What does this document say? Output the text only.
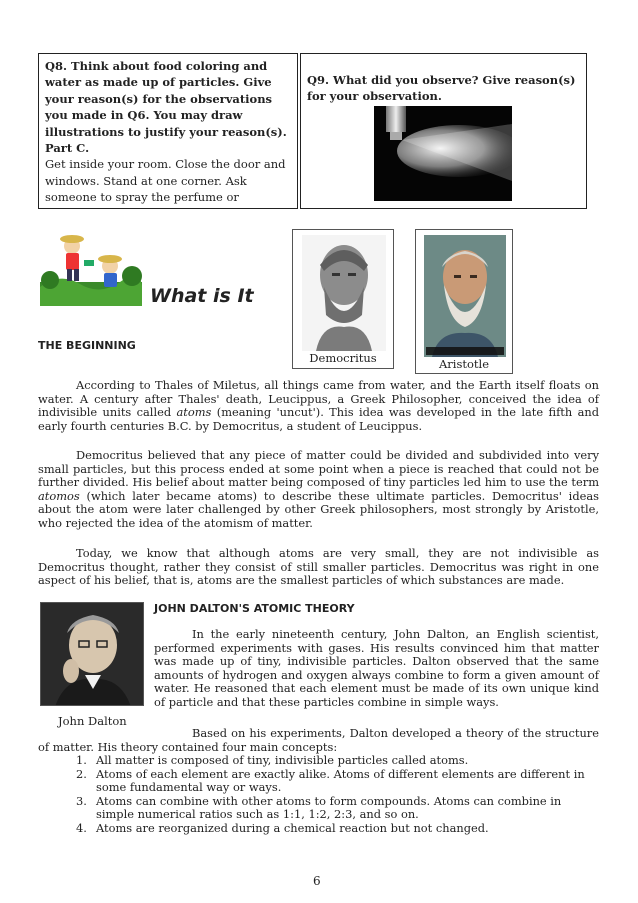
Q8. Think about food coloring and water as made up of particles. Give your reason(s) for the observations you made in Q6. You may draw illustrations to justify your reason(s).
Part C.
Get inside your room. Close the door and windows. Stand at one corner. Ask someone to spray the perfume or
Q9. What did you observe? Give reason(s) for your observation.
What is It
THE BEGINNING
Democritus	Aristotle

According to Thales of Miletus, all things came from water, and the Earth itself floats on water. A century after Thales' death, Leucippus, a Greek Philosopher, conceived the idea of indivisible units called atoms (meaning 'uncut'). This idea was developed in the late fifth and early fourth centuries B.C. by Democritus, a student of Leucippus.

Democritus believed that any piece of matter could be divided and subdivided into very small particles, but this process ended at some point when a piece is reached that could not be further divided. His belief about matter being composed of tiny particles led him to use the term atomos (which later became atoms) to describe these ultimate particles. Democritus' ideas about the atom were later challenged by other Greek philosophers, most strongly by Aristotle, who rejected the idea of the atomism of matter.

Today, we know that although atoms are very small, they are not indivisible as Democritus thought, rather they consist of still smaller particles. Democritus was right in one aspect of his belief, that is, atoms are the smallest particles of which substances are made.

John Dalton
JOHN DALTON'S ATOMIC THEORY

In the early nineteenth century, John Dalton, an English scientist, performed experiments with gases. His results convinced him that matter was made up of tiny, indivisible particles. Dalton observed that the same amounts of hydrogen and oxygen always combine to form a given amount of water. He reasoned that each element must be made of its own unique kind of particle and that these particles combine in simple ways.

Based on his experiments, Dalton developed a theory of the structure of matter. His theory contained four main concepts:

1. All matter is composed of tiny, indivisible particles called atoms.
2. Atoms of each element are exactly alike. Atoms of different elements are different in some fundamental way or ways.
3. Atoms can combine with other atoms to form compounds. Atoms can combine in simple numerical ratios such as 1:1, 1:2, 2:3, and so on.
4. Atoms are reorganized during a chemical reaction but not changed.
6
